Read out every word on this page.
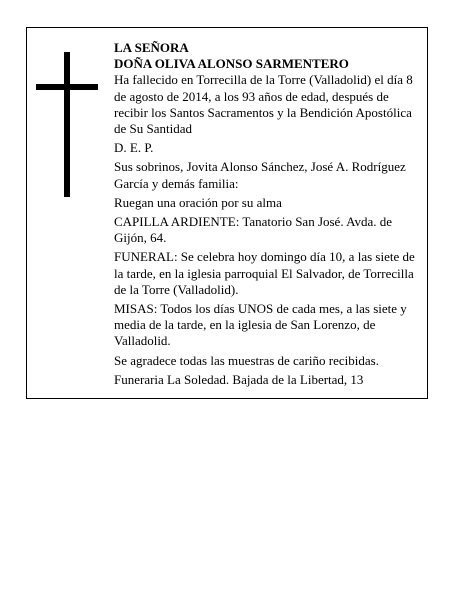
LA SEÑORA

DOÑA OLIVA ALONSO SARMENTERO

Ha fallecido en Torrecilla de la Torre (Valladolid) el día 8 de agosto de 2014, a los 93 años de edad, después de recibir los Santos Sacramentos y la Bendición Apostólica de Su Santidad

D. E. P.

Sus sobrinos, Jovita Alonso Sánchez, José A. Rodríguez García y demás familia:

Ruegan una oración por su alma

CAPILLA ARDIENTE: Tanatorio San José. Avda. de Gijón, 64.

FUNERAL: Se celebra hoy domingo día 10, a las siete de la tarde, en la iglesia parroquial El Salvador, de Torrecilla de la Torre (Valladolid).

MISAS: Todos los días UNOS de cada mes, a las siete y media de la tarde, en la iglesia de San Lorenzo, de Valladolid.

Se agradece todas las muestras de cariño recibidas.

Funeraria La Soledad. Bajada de la Libertad, 13
